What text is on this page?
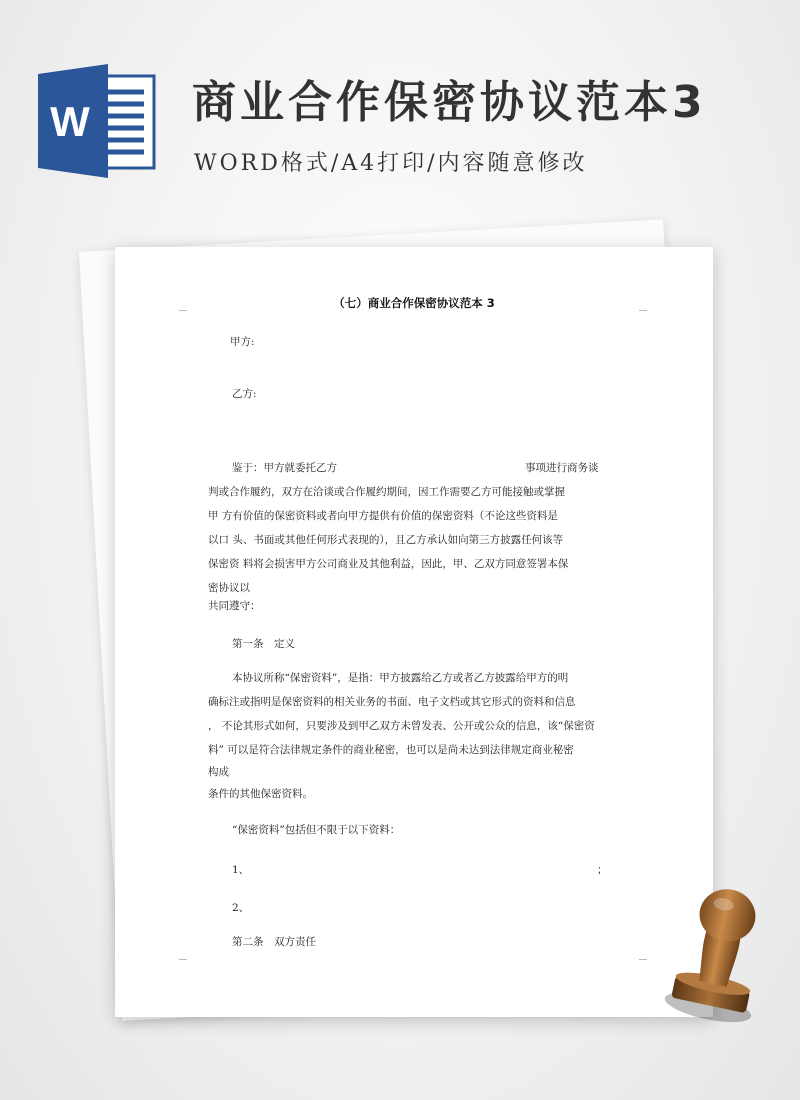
W 商业合作保密协议范本3
WORD格式/A4打印/内容随意修改
（七）商业合作保密协议范本 3
甲方:
乙方:
鉴于：甲方就委托乙方	事项进行商务谈
判或合作履约，双方在洽谈或合作履约期间，因工作需要乙方可能接触或掌握
甲 方有价值的保密资料或者向甲方提供有价值的保密资料（不论这些资料是
以口 头、书面或其他任何形式表现的），且乙方承认如向第三方披露任何该等
保密资 料将会损害甲方公司商业及其他利益，因此，甲、乙双方同意签署本保
密协议以
共同遵守：
第一条　定义
本协议所称“保密资料”，是指：甲方披露给乙方或者乙方披露给甲方的明
确标注或指明是保密资料的相关业务的书面、电子文档或其它形式的资料和信息
， 不论其形式如何，只要涉及到甲乙双方未曾发表、公开或公众的信息，该“保密资
料” 可以是符合法律规定条件的商业秘密，也可以是尚未达到法律规定商业秘密
构成
条件的其他保密资料。
“保密资料”包括但不限于以下资料：
1、	；
2、
第二条　双方责任
